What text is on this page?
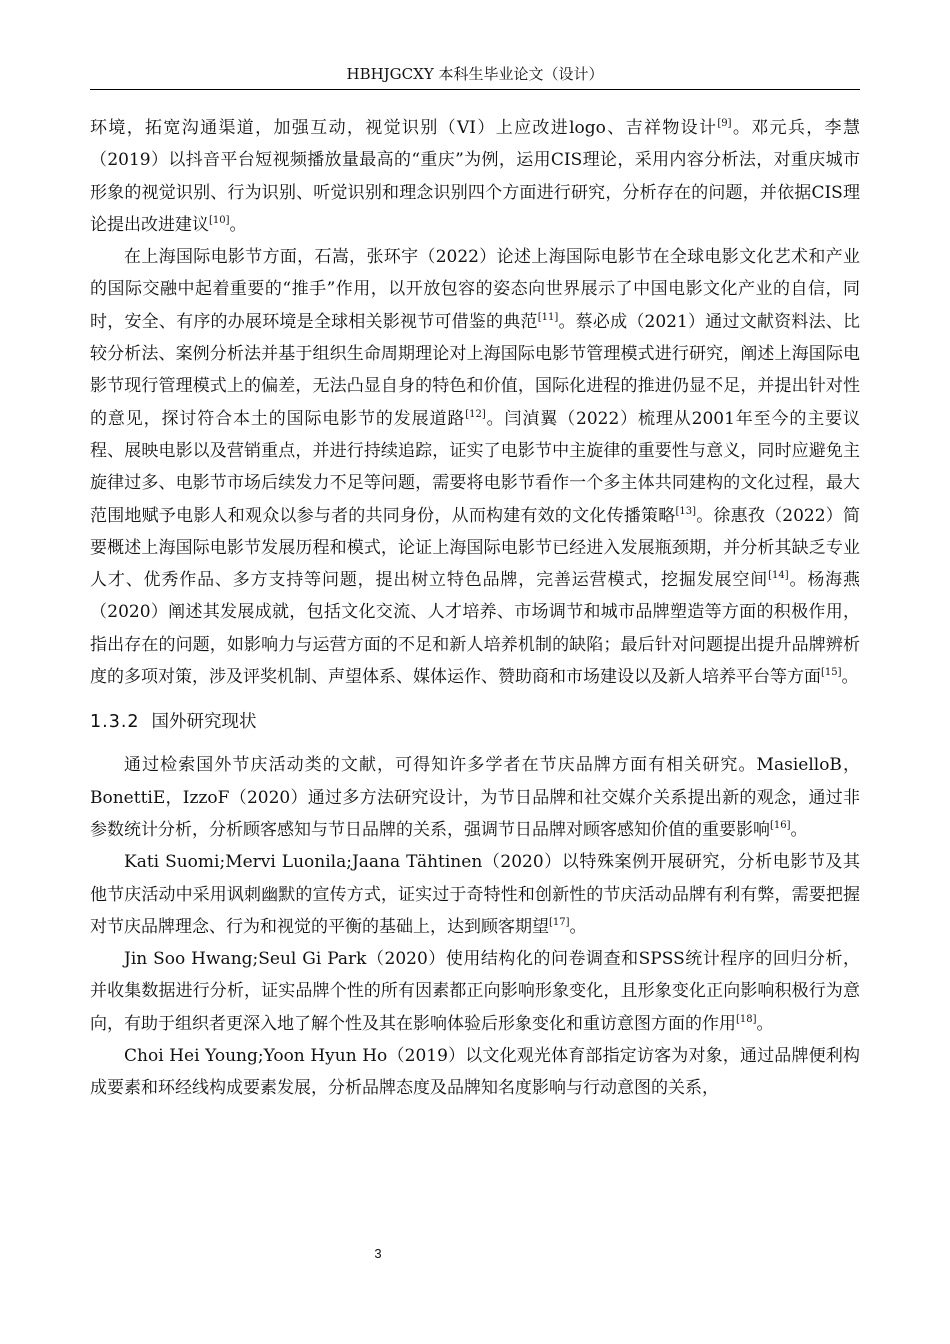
HBHJGCXY 本科生毕业论文（设计）

环境，拓宽沟通渠道，加强互动，视觉识别（VI）上应改进logo、吉祥物设计[9]。邓元兵，李慧（2019）以抖音平台短视频播放量最高的“重庆”为例，运用CIS理论，采用内容分析法，对重庆城市形象的视觉识别、行为识别、听觉识别和理念识别四个方面进行研究，分析存在的问题，并依据CIS理论提出改进建议[10]。

在上海国际电影节方面，石嵩，张环宇（2022）论述上海国际电影节在全球电影文化艺术和产业的国际交融中起着重要的“推手”作用，以开放包容的姿态向世界展示了中国电影文化产业的自信，同时，安全、有序的办展环境是全球相关影视节可借鉴的典范[11]。蔡必成（2021）通过文献资料法、比较分析法、案例分析法并基于组织生命周期理论对上海国际电影节管理模式进行研究，阐述上海国际电影节现行管理模式上的偏差，无法凸显自身的特色和价值，国际化进程的推进仍显不足，并提出针对性的意见，探讨符合本土的国际电影节的发展道路[12]。闫湞翼（2022）梳理从2001年至今的主要议程、展映电影以及营销重点，并进行持续追踪，证实了电影节中主旋律的重要性与意义，同时应避免主旋律过多、电影节市场后续发力不足等问题，需要将电影节看作一个多主体共同建构的文化过程，最大范围地赋予电影人和观众以参与者的共同身份，从而构建有效的文化传播策略[13]。徐惠孜（2022）简要概述上海国际电影节发展历程和模式，论证上海国际电影节已经进入发展瓶颈期，并分析其缺乏专业人才、优秀作品、多方支持等问题，提出树立特色品牌，完善运营模式，挖掘发展空间[14]。杨海燕（2020）阐述其发展成就，包括文化交流、人才培养、市场调节和城市品牌塑造等方面的积极作用，指出存在的问题，如影响力与运营方面的不足和新人培养机制的缺陷；最后针对问题提出提升品牌辨析度的多项对策，涉及评奖机制、声望体系、媒体运作、赞助商和市场建设以及新人培养平台等方面[15]。

1.3.2 国外研究现状

通过检索国外节庆活动类的文献，可得知许多学者在节庆品牌方面有相关研究。MasielloB，BonettiE，IzzoF（2020）通过多方法研究设计，为节日品牌和社交媒介关系提出新的观念，通过非参数统计分析，分析顾客感知与节日品牌的关系，强调节日品牌对顾客感知价值的重要影响[16]。

Kati Suomi;Mervi Luonila;Jaana Tähtinen（2020）以特殊案例开展研究，分析电影节及其他节庆活动中采用讽刺幽默的宣传方式，证实过于奇特性和创新性的节庆活动品牌有利有弊，需要把握对节庆品牌理念、行为和视觉的平衡的基础上，达到顾客期望[17]。

Jin Soo Hwang;Seul Gi Park（2020）使用结构化的问卷调查和SPSS统计程序的回归分析，并收集数据进行分析，证实品牌个性的所有因素都正向影响形象变化，且形象变化正向影响积极行为意向，有助于组织者更深入地了解个性及其在影响体验后形象变化和重访意图方面的作用[18]。

Choi Hei Young;Yoon Hyun Ho（2019）以文化观光体育部指定访客为对象，通过品牌便利构成要素和环经线构成要素发展，分析品牌态度及品牌知名度影响与行动意图的关系，

3
